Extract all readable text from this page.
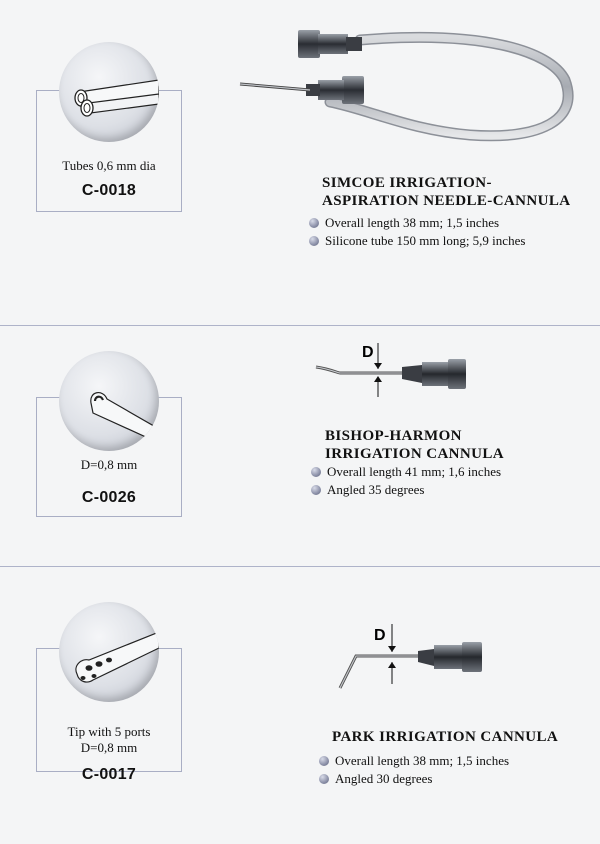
Tubes 0,6 mm dia
C-0018	SIMCOE IRRIGATION-
ASPIRATION NEEDLE-CANNULA
Overall length 38 mm; 1,5 inches
Silicone tube 150 mm long; 5,9 inches
D=0,8 mm
C-0026
D
BISHOP-HARMON
IRRIGATION CANNULA
Overall length 41 mm; 1,6 inches
Angled 35 degrees
Tip with 5 ports
D=0,8 mm
C-0017
D
PARK IRRIGATION CANNULA
Overall length 38 mm; 1,5 inches
Angled 30 degrees
